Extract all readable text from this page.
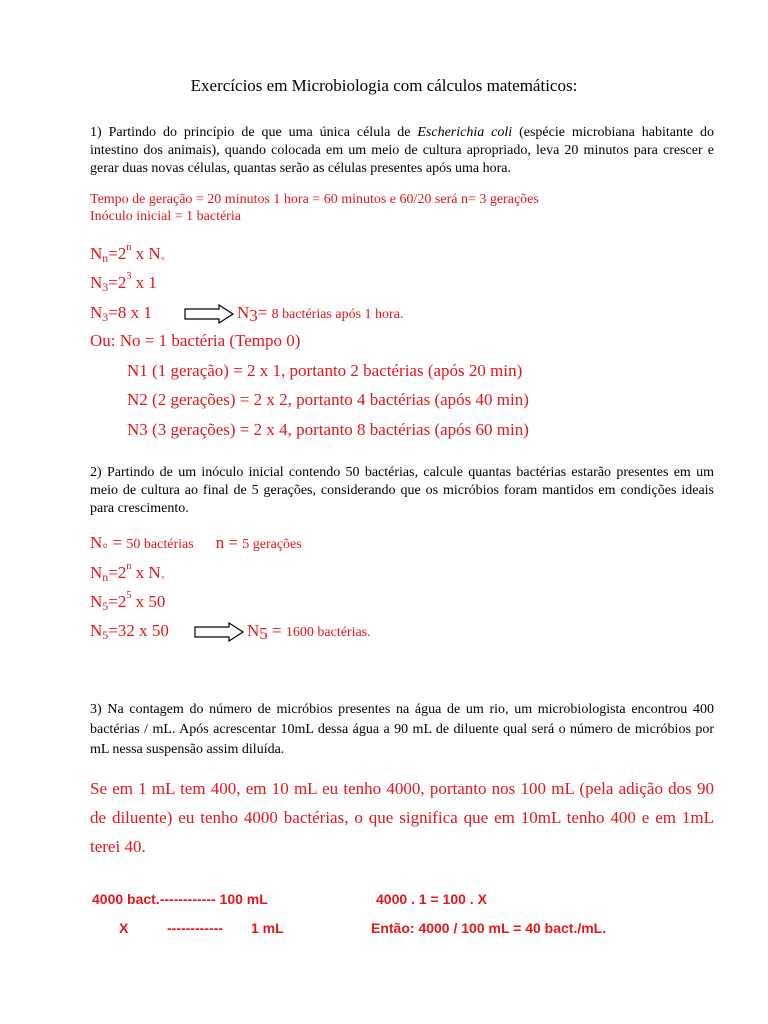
Exercícios em Microbiologia com cálculos matemáticos:
1) Partindo do princípio de que uma única célula de Escherichia coli (espécie microbiana habitante do intestino dos animais), quando colocada em um meio de cultura apropriado, leva 20 minutos para crescer e gerar duas novas células, quantas serão as células presentes após uma hora.
Tempo de geração = 20 minutos 1 hora = 60 minutos e 60/20 será n= 3 gerações
Inóculo inicial = 1 bactéria
$N_n=2^n$ x $N_◦$
$N_3=2^3$ x 1
$N_3=8$ x 1	$N_3= 8$ bactérias após 1 hora.
Ou: No = 1 bactéria (Tempo 0)
N1 (1 geração) = 2 x 1, portanto 2 bactérias (após 20 min)
N2 (2 gerações) = 2 x 2, portanto 4 bactérias (após 40 min)
N3 (3 gerações) = 2 x 4, portanto 8 bactérias (após 60 min)
2) Partindo de um inóculo inicial contendo 50 bactérias, calcule quantas bactérias estarão presentes em um meio de cultura ao final de 5 gerações, considerando que os micróbios foram mantidos em condições ideais para crescimento.
$N_◦ = 50$ bactérias n = 5 gerações
$N_n=2^n$ x $N_◦$
$N_5=2^5$ x 50
$N_5=32$ x 50	$N_5 = 1600$ bactérias.
3) Na contagem do número de micróbios presentes na água de um rio, um microbiologista encontrou 400 bactérias / mL. Após acrescentar 10mL dessa água a 90 mL de diluente qual será o número de micróbios por mL nessa suspensão assim diluída.
Se em 1 mL tem 400, em 10 mL eu tenho 4000, portanto nos 100 mL (pela adição dos 90 de diluente) eu tenho 4000 bactérias, o que significa que em 10mL tenho 400 e em 1mL terei 40.
4000 bact.------------ 100 mL	4000 . 1 = 100 . X
X	------------ 1 mL	Então: 4000 / 100 mL = 40 bact./mL.
